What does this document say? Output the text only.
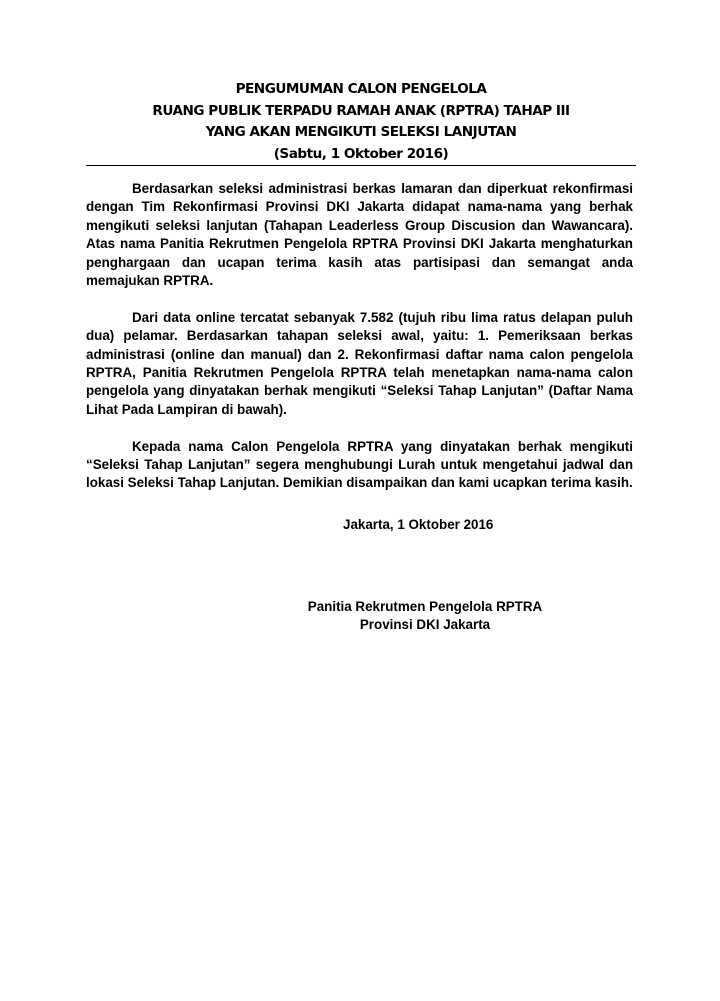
PENGUMUMAN CALON PENGELOLA
RUANG PUBLIK TERPADU RAMAH ANAK (RPTRA) TAHAP III
YANG AKAN MENGIKUTI SELEKSI LANJUTAN
(Sabtu, 1 Oktober 2016)

Berdasarkan seleksi administrasi berkas lamaran dan diperkuat rekonfirmasi dengan Tim Rekonfirmasi Provinsi DKI Jakarta didapat nama-nama yang berhak mengikuti seleksi lanjutan (Tahapan Leaderless Group Discusion dan Wawancara). Atas nama Panitia Rekrutmen Pengelola RPTRA Provinsi DKI Jakarta menghaturkan penghargaan dan ucapan terima kasih atas partisipasi dan semangat anda memajukan RPTRA.

Dari data online tercatat sebanyak 7.582 (tujuh ribu lima ratus delapan puluh dua) pelamar. Berdasarkan tahapan seleksi awal, yaitu: 1. Pemeriksaan berkas administrasi (online dan manual) dan 2. Rekonfirmasi daftar nama calon pengelola RPTRA, Panitia Rekrutmen Pengelola RPTRA telah menetapkan nama-nama calon pengelola yang dinyatakan berhak mengikuti “Seleksi Tahap Lanjutan” (Daftar Nama Lihat Pada Lampiran di bawah).

Kepada nama Calon Pengelola RPTRA yang dinyatakan berhak mengikuti “Seleksi Tahap Lanjutan” segera menghubungi Lurah untuk mengetahui jadwal dan lokasi Seleksi Tahap Lanjutan. Demikian disampaikan dan kami ucapkan terima kasih.

Jakarta, 1 Oktober 2016
Panitia Rekrutmen Pengelola RPTRA
Provinsi DKI Jakarta
